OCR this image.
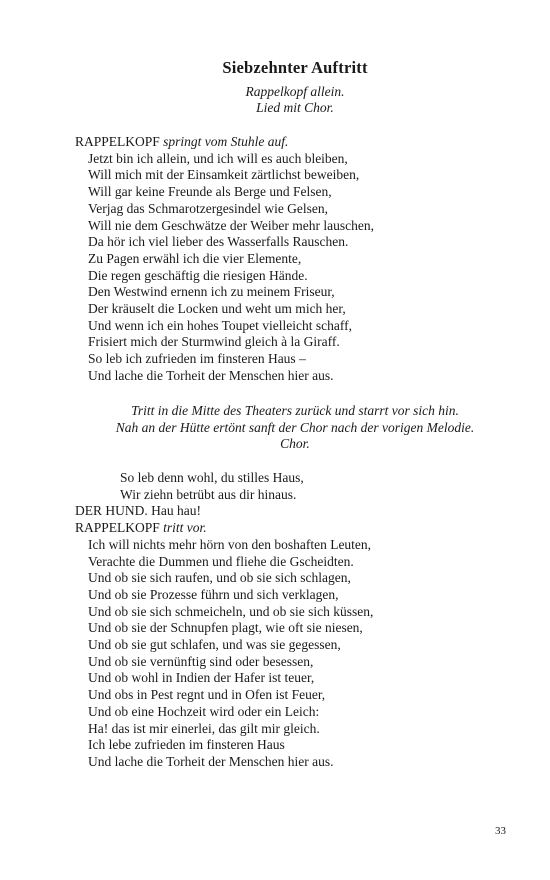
Siebzehnter Auftritt
Rappelkopf allein.
Lied mit Chor.
RAPPELKOPF springt vom Stuhle auf.
Jetzt bin ich allein, und ich will es auch bleiben,
Will mich mit der Einsamkeit zärtlichst beweiben,
Will gar keine Freunde als Berge und Felsen,
Verjag das Schmarotzergesindel wie Gelsen,
Will nie dem Geschwätze der Weiber mehr lauschen,
Da hör ich viel lieber des Wasserfalls Rauschen.
Zu Pagen erwähl ich die vier Elemente,
Die regen geschäftig die riesigen Hände.
Den Westwind ernenn ich zu meinem Friseur,
Der kräuselt die Locken und weht um mich her,
Und wenn ich ein hohes Toupet vielleicht schaff,
Frisiert mich der Sturmwind gleich à la Giraff.
So leb ich zufrieden im finsteren Haus –
Und lache die Torheit der Menschen hier aus.
Tritt in die Mitte des Theaters zurück und starrt vor sich hin.
Nah an der Hütte ertönt sanft der Chor nach der vorigen Melodie.
Chor.
So leb denn wohl, du stilles Haus,
Wir ziehn betrübt aus dir hinaus.
DER HUND. Hau hau!
RAPPELKOPF tritt vor.
Ich will nichts mehr hörn von den boshaften Leuten,
Verachte die Dummen und fliehe die Gscheidten.
Und ob sie sich raufen, und ob sie sich schlagen,
Und ob sie Prozesse führn und sich verklagen,
Und ob sie sich schmeicheln, und ob sie sich küssen,
Und ob sie der Schnupfen plagt, wie oft sie niesen,
Und ob sie gut schlafen, und was sie gegessen,
Und ob sie vernünftig sind oder besessen,
Und ob wohl in Indien der Hafer ist teuer,
Und obs in Pest regnt und in Ofen ist Feuer,
Und ob eine Hochzeit wird oder ein Leich:
Ha! das ist mir einerlei, das gilt mir gleich.
Ich lebe zufrieden im finsteren Haus
Und lache die Torheit der Menschen hier aus.
33
